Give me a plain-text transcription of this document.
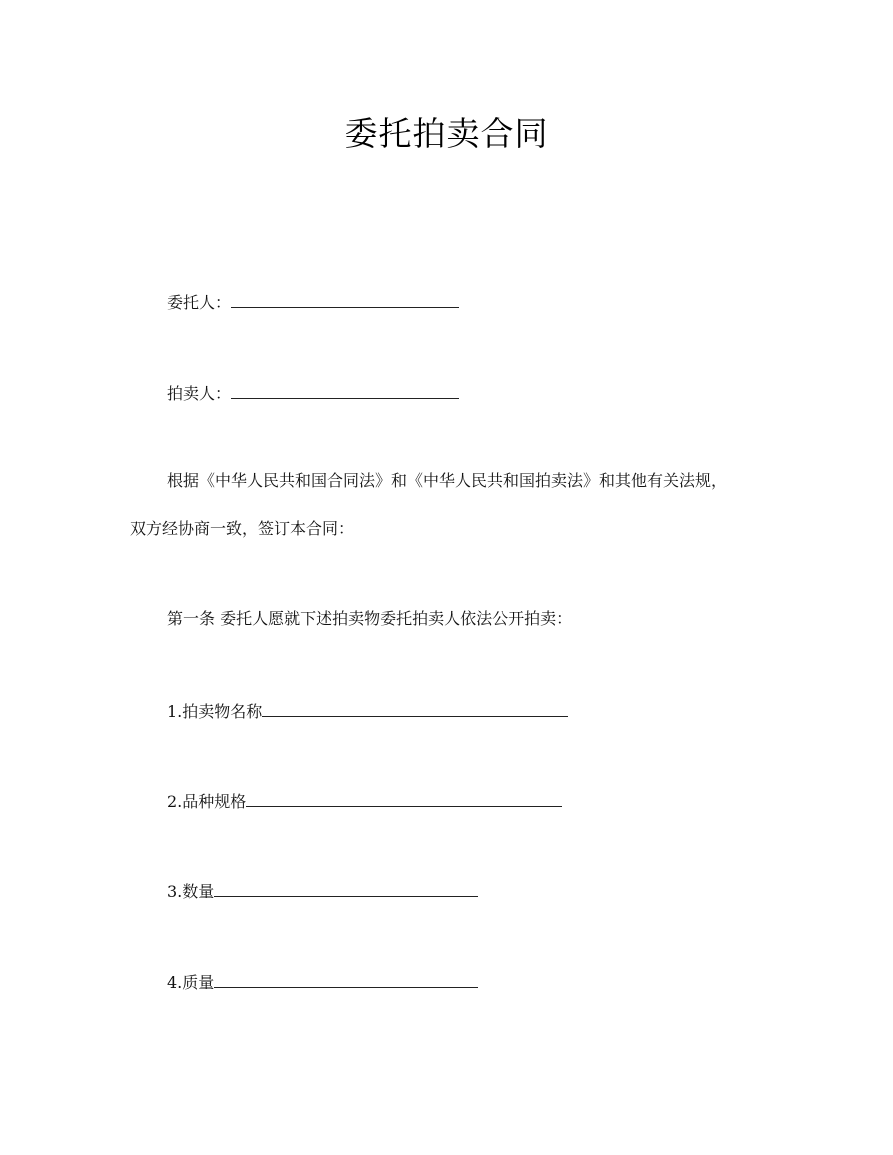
委托拍卖合同
委托人：
拍卖人：
根据《中华人民共和国合同法》和《中华人民共和国拍卖法》和其他有关法规，
双方经协商一致，签订本合同：
第一条 委托人愿就下述拍卖物委托拍卖人依法公开拍卖：
1.拍卖物名称
2.品种规格
3.数量
4.质量
